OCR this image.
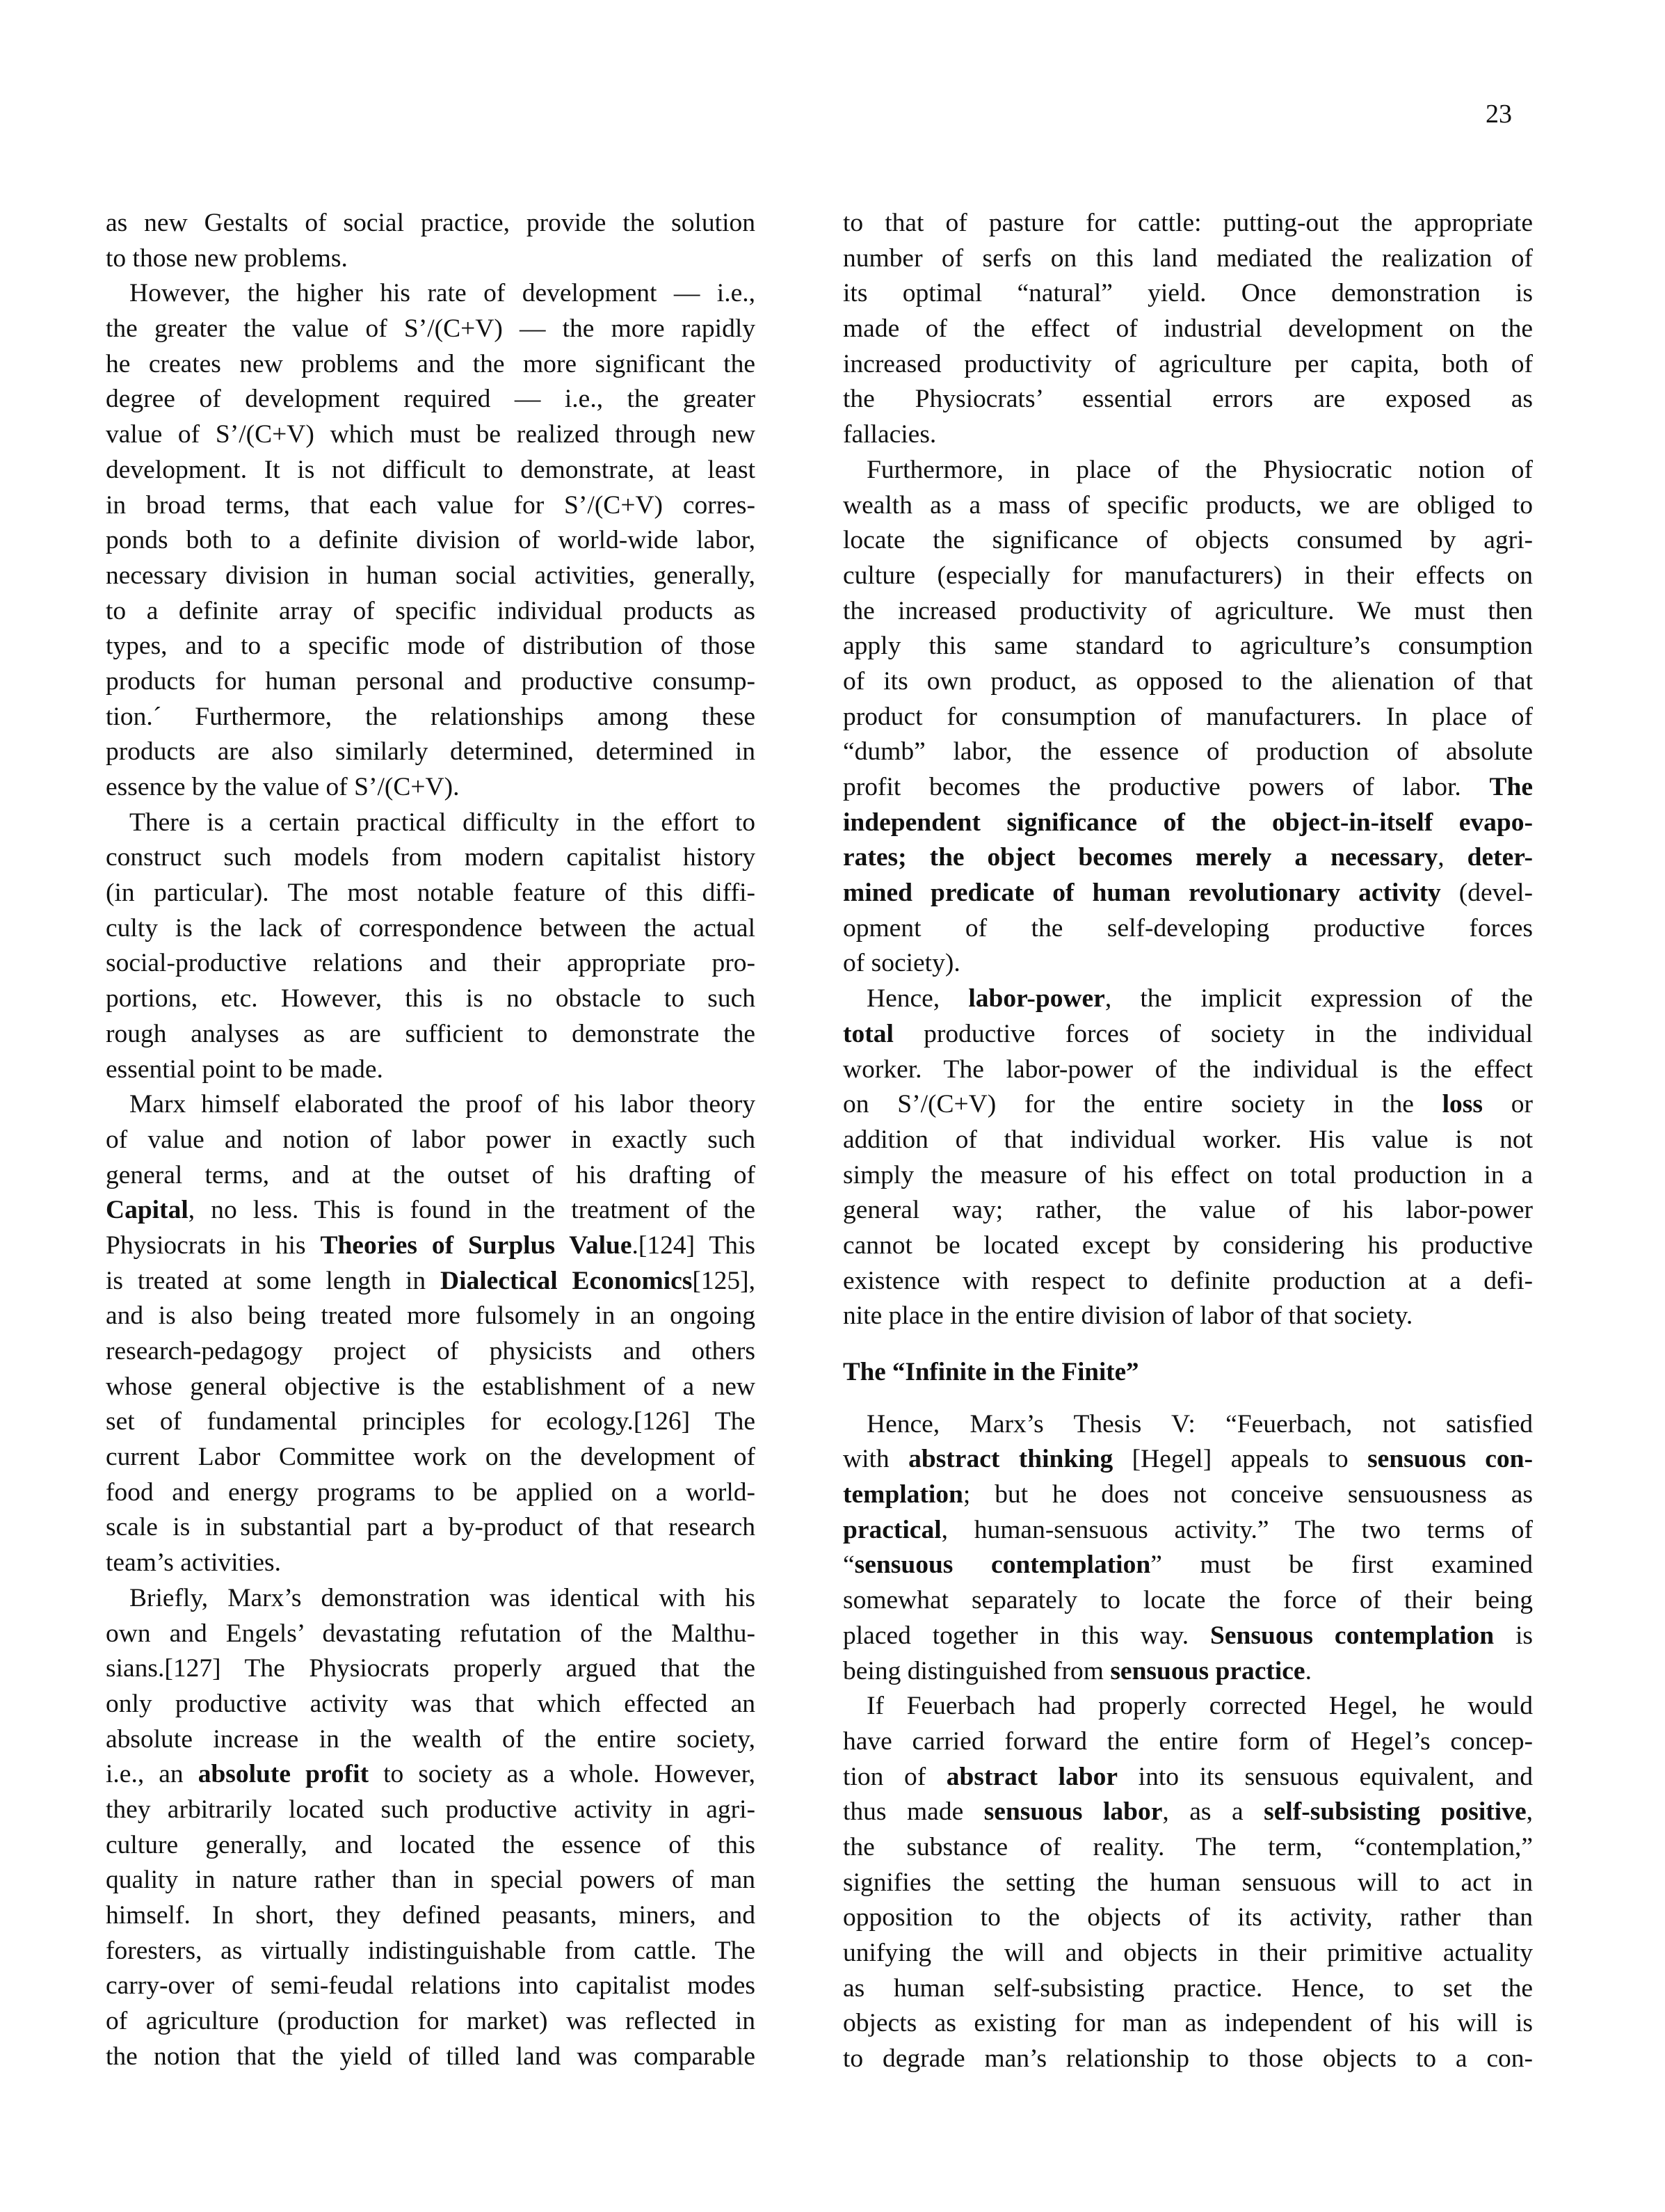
23
as new Gestalts of social practice, provide the solution
to those new problems.
However, the higher his rate of development — i.e.,
the greater the value of S’/(C+V) — the more rapidly
he creates new problems and the more significant the
degree of development required — i.e., the greater
value of S’/(C+V) which must be realized through new
development. It is not difficult to demonstrate, at least
in broad terms, that each value for S’/(C+V) corres-
ponds both to a definite division of world-wide labor,
necessary division in human social activities, generally,
to a definite array of specific individual products as
types, and to a specific mode of distribution of those
products for human personal and productive consump-
tion.´ Furthermore, the relationships among these
products are also similarly determined, determined in
essence by the value of S’/(C+V).
There is a certain practical difficulty in the effort to
construct such models from modern capitalist history
(in particular). The most notable feature of this diffi-
culty is the lack of correspondence between the actual
social-productive relations and their appropriate pro-
portions, etc. However, this is no obstacle to such
rough analyses as are sufficient to demonstrate the
essential point to be made.
Marx himself elaborated the proof of his labor theory
of value and notion of labor power in exactly such
general terms, and at the outset of his drafting of
Capital, no less. This is found in the treatment of the
Physiocrats in his Theories of Surplus Value.[124] This
is treated at some length in Dialectical Economics[125],
and is also being treated more fulsomely in an ongoing
research-pedagogy project of physicists and others
whose general objective is the establishment of a new
set of fundamental principles for ecology.[126] The
current Labor Committee work on the development of
food and energy programs to be applied on a world-
scale is in substantial part a by-product of that research
team’s activities.
Briefly, Marx’s demonstration was identical with his
own and Engels’ devastating refutation of the Malthu-
sians.[127] The Physiocrats properly argued that the
only productive activity was that which effected an
absolute increase in the wealth of the entire society,
i.e., an absolute profit to society as a whole. However,
they arbitrarily located such productive activity in agri-
culture generally, and located the essence of this
quality in nature rather than in special powers of man
himself. In short, they defined peasants, miners, and
foresters, as virtually indistinguishable from cattle. The
carry-over of semi-feudal relations into capitalist modes
of agriculture (production for market) was reflected in
the notion that the yield of tilled land was comparable
to that of pasture for cattle: putting-out the appropriate
number of serfs on this land mediated the realization of
its optimal “natural” yield. Once demonstration is
made of the effect of industrial development on the
increased productivity of agriculture per capita, both of
the Physiocrats’ essential errors are exposed as
fallacies.
Furthermore, in place of the Physiocratic notion of
wealth as a mass of specific products, we are obliged to
locate the significance of objects consumed by agri-
culture (especially for manufacturers) in their effects on
the increased productivity of agriculture. We must then
apply this same standard to agriculture’s consumption
of its own product, as opposed to the alienation of that
product for consumption of manufacturers. In place of
“dumb” labor, the essence of production of absolute
profit becomes the productive powers of labor. The
independent significance of the object-in-itself evapo-
rates; the object becomes merely a necessary, deter-
mined predicate of human revolutionary activity (devel-
opment of the self-developing productive forces
of society).
Hence, labor-power, the implicit expression of the
total productive forces of society in the individual
worker. The labor-power of the individual is the effect
on S’/(C+V) for the entire society in the loss or
addition of that individual worker. His value is not
simply the measure of his effect on total production in a
general way; rather, the value of his labor-power
cannot be located except by considering his productive
existence with respect to definite production at a defi-
nite place in the entire division of labor of that society.
The “Infinite in the Finite”
Hence, Marx’s Thesis V: “Feuerbach, not satisfied
with abstract thinking [Hegel] appeals to sensuous con-
templation; but he does not conceive sensuousness as
practical, human-sensuous activity.” The two terms of
“sensuous contemplation” must be first examined
somewhat separately to locate the force of their being
placed together in this way. Sensuous contemplation is
being distinguished from sensuous practice.
If Feuerbach had properly corrected Hegel, he would
have carried forward the entire form of Hegel’s concep-
tion of abstract labor into its sensuous equivalent, and
thus made sensuous labor, as a self-subsisting positive,
the substance of reality. The term, “contemplation,”
signifies the setting the human sensuous will to act in
opposition to the objects of its activity, rather than
unifying the will and objects in their primitive actuality
as human self-subsisting practice. Hence, to set the
objects as existing for man as independent of his will is
to degrade man’s relationship to those objects to a con-
